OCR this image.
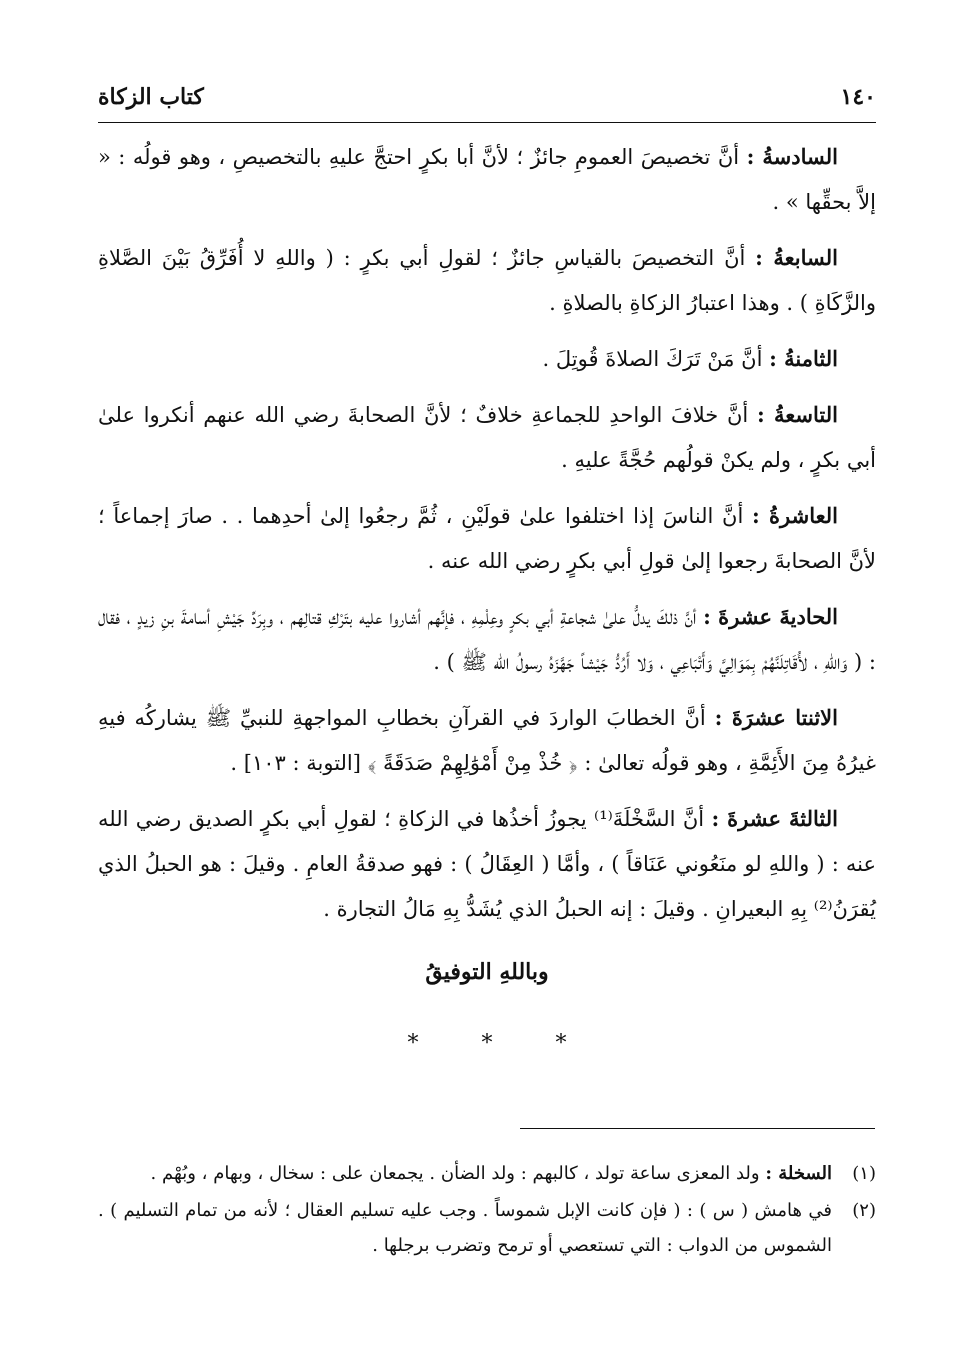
١٤٠
كتاب الزكاة

السادسةُ : أنَّ تخصيصَ العمومِ جائزٌ ؛ لأنَّ أبا بكرٍ احتجَّ عليهِ بالتخصيصِ ، وهو قولُه : « إلاَّ بحقِّها » .

السابعةُ : أنَّ التخصيصَ بالقياسِ جائزٌ ؛ لقولِ أبي بكرٍ : ( واللهِ لا أُفَرِّقُ بَيْنَ الصَّلاةِ والزَّكَاةِ ) . وهذا اعتبارُ الزكاةِ بالصلاةِ .

الثامنةُ : أنَّ مَنْ تَرَكَ الصلاةَ قُوتِلَ .

التاسعةُ : أنَّ خلافَ الواحدِ للجماعةِ خلافٌ ؛ لأنَّ الصحابةَ رضي الله عنهم أنكروا علىٰ أبي بكرٍ ، ولم يكنْ قولُهم حُجَّةً عليهِ .

العاشرةُ : أنَّ الناسَ إذا اختلفوا علىٰ قولَيْنِ ، ثُمَّ رجعُوا إلىٰ أحدِهما . . صارَ إجماعاً ؛ لأنَّ الصحابةَ رجعوا إلىٰ قولِ أبي بكرٍ رضي الله عنه .

الحاديةَ عشرةَ : أنَّ ذلكَ يدلُّ علىٰ شجاعةِ أبي بكرٍ وعِلْمِهِ ، فإنَّهم أشاروا عليه بتَرْكِ قتالِهم ، وبِرَدِّ جَيْشِ أسامةَ بنِ زيدٍ ، فقال : ( وَاللهِ ، لأُقَاتِلَنَّهُمْ بِمَوَالِيَّ وَأَتْبَاعِي ، وَلا أَرُدُّ جَيْشاً جَهَّزَهُ رسولُ الله ﷺ ) .

الاثنتا عشرَةَ : أنَّ الخطابَ الواردَ في القرآنِ بخطابِ المواجهةِ للنبيِّ ﷺ يشاركُه فيهِ غيرُهُ مِنَ الأَئِمَّةِ ، وهو قولُه تعالىٰ : ﴿ خُذْ مِنْ أَمْوَٰلِهِمْ صَدَقَةً ﴾ [التوبة : ١٠٣] .

الثالثةَ عشرةَ : أنَّ السَّخْلَةَ⁽¹⁾ يجوزُ أخذُها في الزكاةِ ؛ لقولِ أبي بكرٍ الصديق رضي الله عنه : ( واللهِ لو منَعُوني عَنَاقاً ) ، وأمَّا ( العِقَالُ ) : فهو صدقةُ العامِ . وقيلَ : هو الحبلُ الذي يُقرَنُ⁽²⁾ بِهِ البعيرانِ . وقيلَ : إنه الحبلُ الذي يُشَدُّ بِهِ مَالُ التجارة .

وباللهِ التوفيقُ
* * *
(١)
السخلة : ولد المعزى ساعة تولد ، كالبهم : ولد الضأن . يجمعان على : سخال ، وبهام ، وبُهْم .
(٢)
في هامش ( س ) : ( فإن كانت الإبل شموساً . وجب عليه تسليم العقال ؛ لأنه من تمام التسليم ) . الشموس من الدواب : التي تستعصي أو ترمح وتضرب برجلها .
